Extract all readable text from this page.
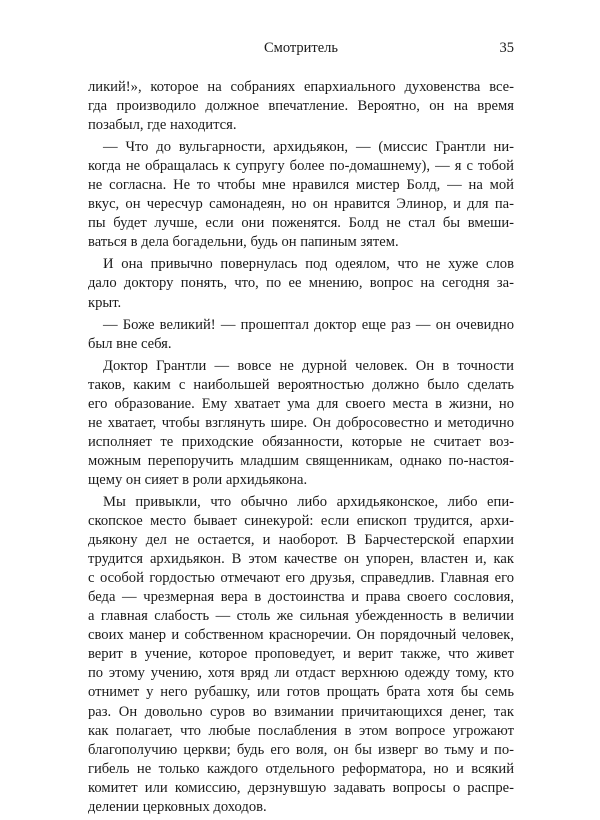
Смотритель	35
ликий!», которое на собраниях епархиального духовенства все-
гда производило должное впечатление. Вероятно, он на время
позабыл, где находится.
— Что до вульгарности, архидьякон, — (миссис Грантли ни-
когда не обращалась к супругу более по-домашнему), — я с тобой
не согласна. Не то чтобы мне нравился мистер Болд, — на мой
вкус, он чересчур самонадеян, но он нравится Элинор, и для па-
пы будет лучше, если они поженятся. Болд не стал бы вмеши-
ваться в дела богадельни, будь он папиным зятем.
И она привычно повернулась под одеялом, что не хуже слов
дало доктору понять, что, по ее мнению, вопрос на сегодня за-
крыт.
— Боже великий! — прошептал доктор еще раз — он очевидно
был вне себя.
Доктор Грантли — вовсе не дурной человек. Он в точности
таков, каким с наибольшей вероятностью должно было сделать
его образование. Ему хватает ума для своего места в жизни, но
не хватает, чтобы взглянуть шире. Он добросовестно и методично
исполняет те приходские обязанности, которые не считает воз-
можным перепоручить младшим священникам, однако по-настоя-
щему он сияет в роли архидьякона.
Мы привыкли, что обычно либо архидьяконское, либо епи-
скопское место бывает синекурой: если епископ трудится, архи-
дьякону дел не остается, и наоборот. В Барчестерской епархии
трудится архидьякон. В этом качестве он упорен, властен и, как
с особой гордостью отмечают его друзья, справедлив. Главная его
беда — чрезмерная вера в достоинства и права своего сословия,
а главная слабость — столь же сильная убежденность в величии
своих манер и собственном красноречии. Он порядочный человек,
верит в учение, которое проповедует, и верит также, что живет
по этому учению, хотя вряд ли отдаст верхнюю одежду тому, кто
отнимет у него рубашку, или готов прощать брата хотя бы семь
раз. Он довольно суров во взимании причитающихся денег, так
как полагает, что любые послабления в этом вопросе угрожают
благополучию церкви; будь его воля, он бы изверг во тьму и по-
гибель не только каждого отдельного реформатора, но и всякий
комитет или комиссию, дерзнувшую задавать вопросы о распре-
делении церковных доходов.
